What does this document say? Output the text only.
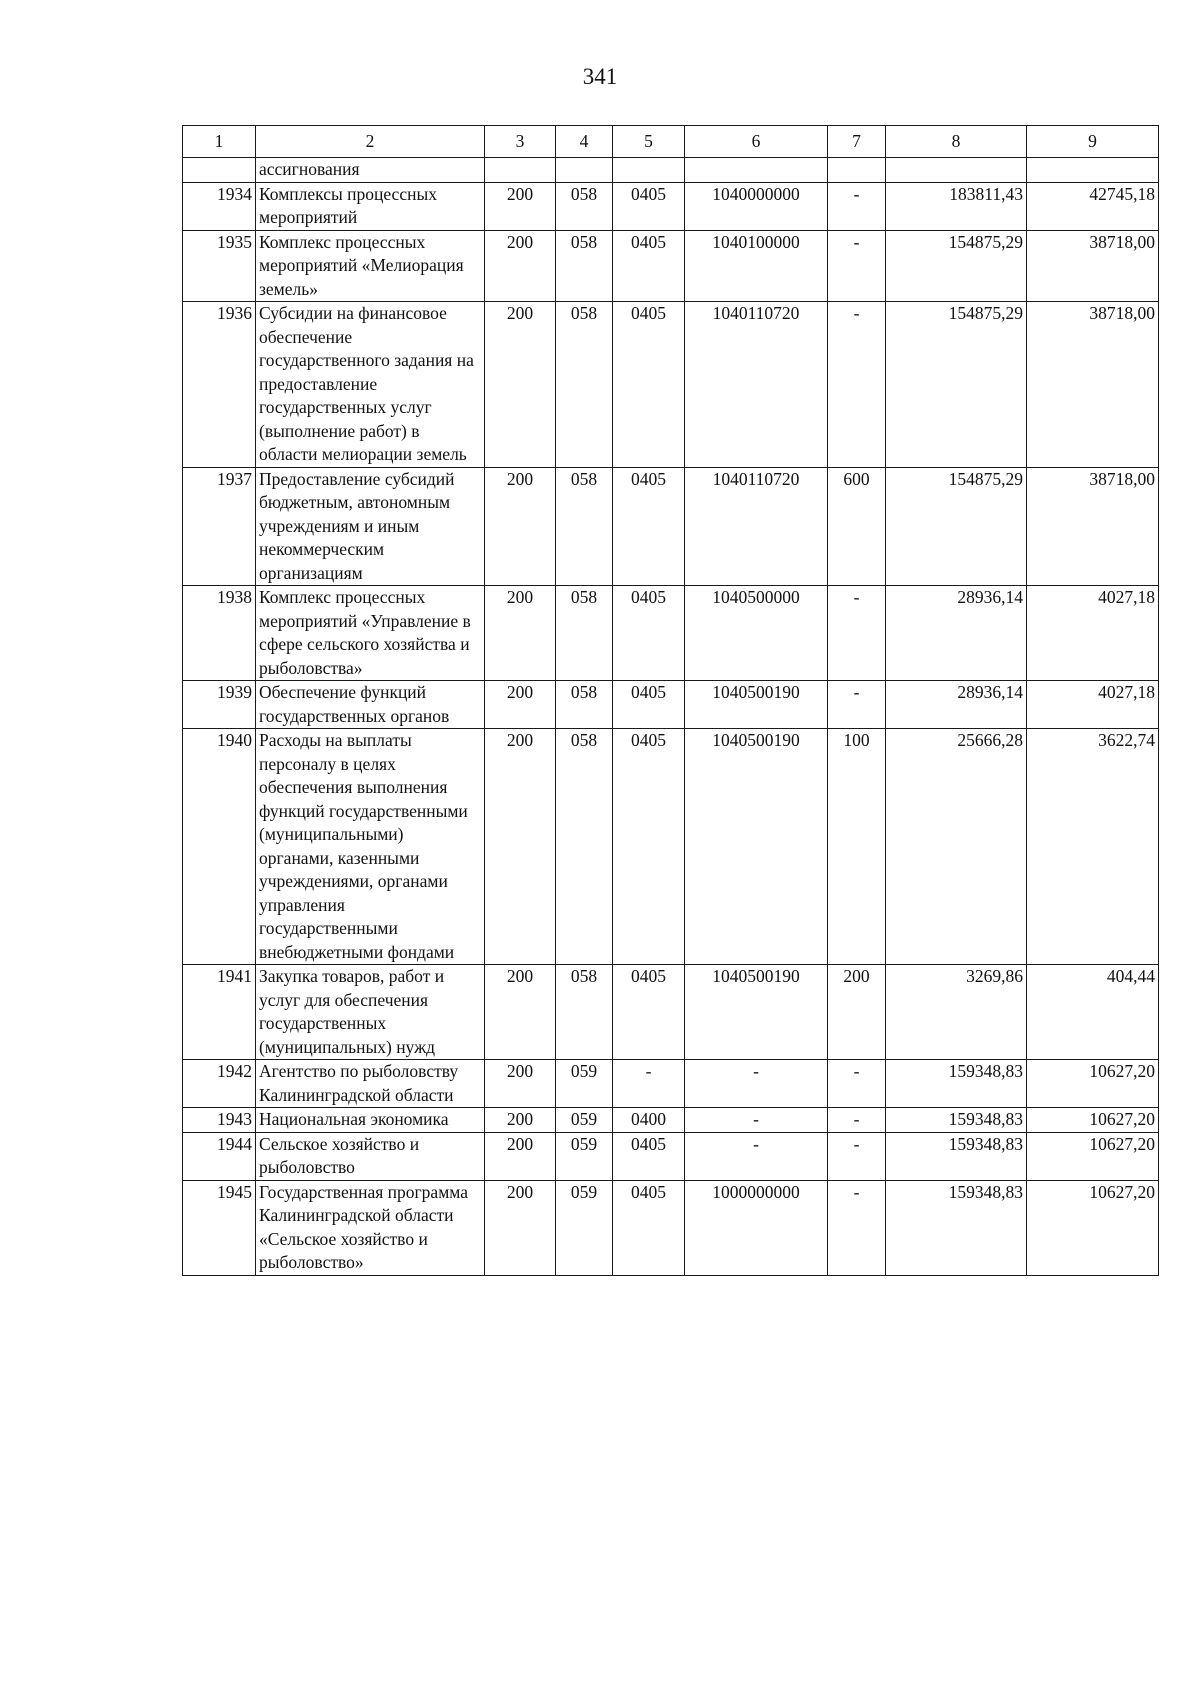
341
1	2	3	4	5	6	7	8	9
	ассигнования							
1934	Комплексы процессных мероприятий	200	058	0405	1040000000	-	183811,43	42745,18
1935	Комплекс процессных мероприятий «Мелиорация земель»	200	058	0405	1040100000	-	154875,29	38718,00
1936	Субсидии на финансовое обеспечение государственного задания на предоставление государственных услуг (выполнение работ) в области мелиорации земель	200	058	0405	1040110720	-	154875,29	38718,00
1937	Предоставление субсидий бюджетным, автономным учреждениям и иным некоммерческим организациям	200	058	0405	1040110720	600	154875,29	38718,00
1938	Комплекс процессных мероприятий «Управление в сфере сельского хозяйства и рыболовства»	200	058	0405	1040500000	-	28936,14	4027,18
1939	Обеспечение функций государственных органов	200	058	0405	1040500190	-	28936,14	4027,18
1940	Расходы на выплаты персоналу в целях обеспечения выполнения функций государственными (муниципальными) органами, казенными учреждениями, органами управления государственными внебюджетными фондами	200	058	0405	1040500190	100	25666,28	3622,74
1941	Закупка товаров, работ и услуг для обеспечения государственных (муниципальных) нужд	200	058	0405	1040500190	200	3269,86	404,44
1942	Агентство по рыболовству Калининградской области	200	059	-	-	-	159348,83	10627,20
1943	Национальная экономика	200	059	0400	-	-	159348,83	10627,20
1944	Сельское хозяйство и рыболовство	200	059	0405	-	-	159348,83	10627,20
1945	Государственная программа Калининградской области «Сельское хозяйство и рыболовство»	200	059	0405	1000000000	-	159348,83	10627,20
